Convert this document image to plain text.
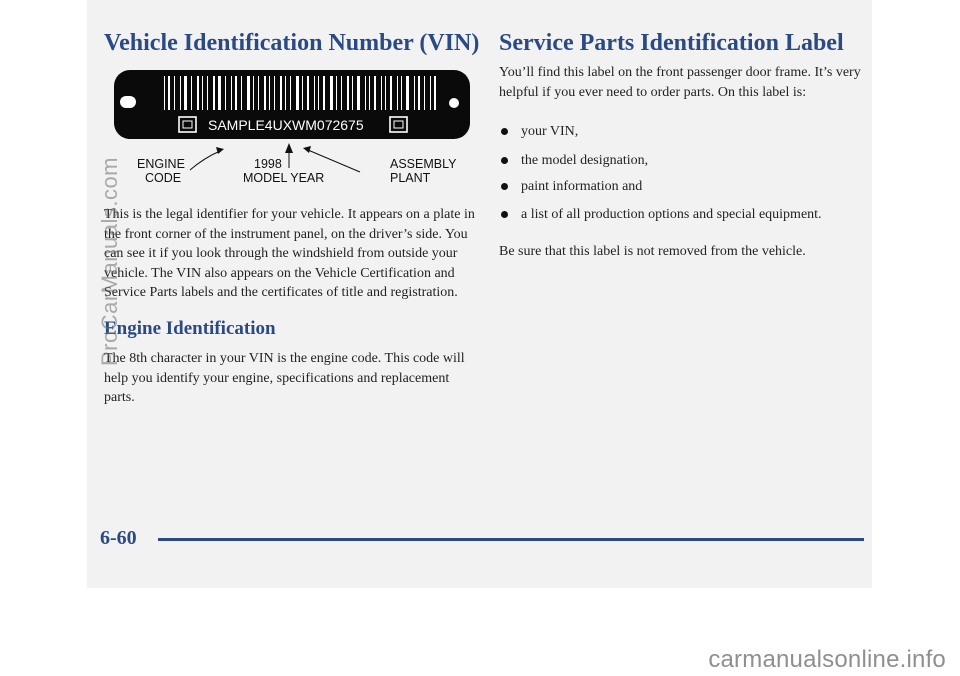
Vehicle Identification Number (VIN) Service Parts Identification Label
SAMPLE4UXWM072675
ENGINE
CODE
1998
MODEL YEAR
ASSEMBLY
PLANT

This is the legal identifier for your vehicle. It appears on a plate in the front corner of the instrument panel, on the driver’s side. You can see it if you look through the windshield from outside your vehicle. The VIN also appears on the Vehicle Certification and Service Parts labels and the certificates of title and registration.

Engine Identification

The 8th character in your VIN is the engine code. This code will help you identify your engine, specifications and replacement parts.

You’ll find this label on the front passenger door frame. It’s very helpful if you ever need to order parts. On this label is:

your VIN,
the model designation,
paint information and
a list of all production options and special equipment.

Be sure that this label is not removed from the vehicle.

6-60
ProCarManuals.com
carmanualsonline.info
